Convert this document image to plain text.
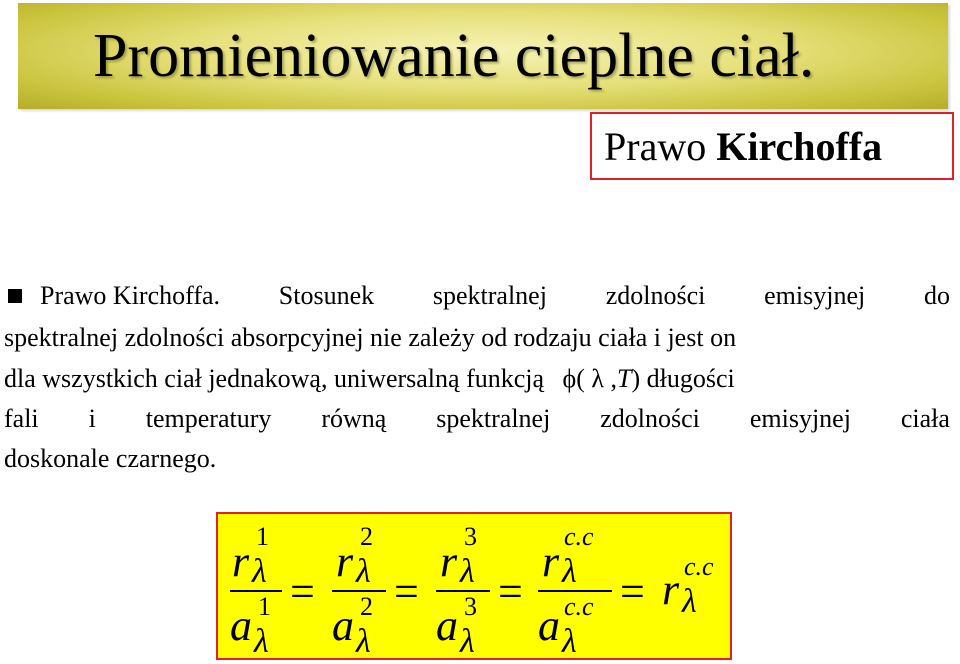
Promieniowanie cieplne ciał.
Prawo Kirchoffa
Prawo Kirchoffa. Stosunek spektralnej zdolności emisyjnej do
spektralnej zdolności absorpcyjnej nie zależy od rodzaju ciała i jest on
dla wszystkich ciał jednakową, uniwersalną funkcją ϕ( λ ,T) długości
fali i temperatury równą spektralnej zdolności emisyjnej ciała
doskonale czarnego.
r
1
λ
a 1
λ
=
r
2
λ
a 2
λ
=
r
3
λ
a 3
λ
=
r
c.c
λ
a c.c
λ
= r c.c
λ
